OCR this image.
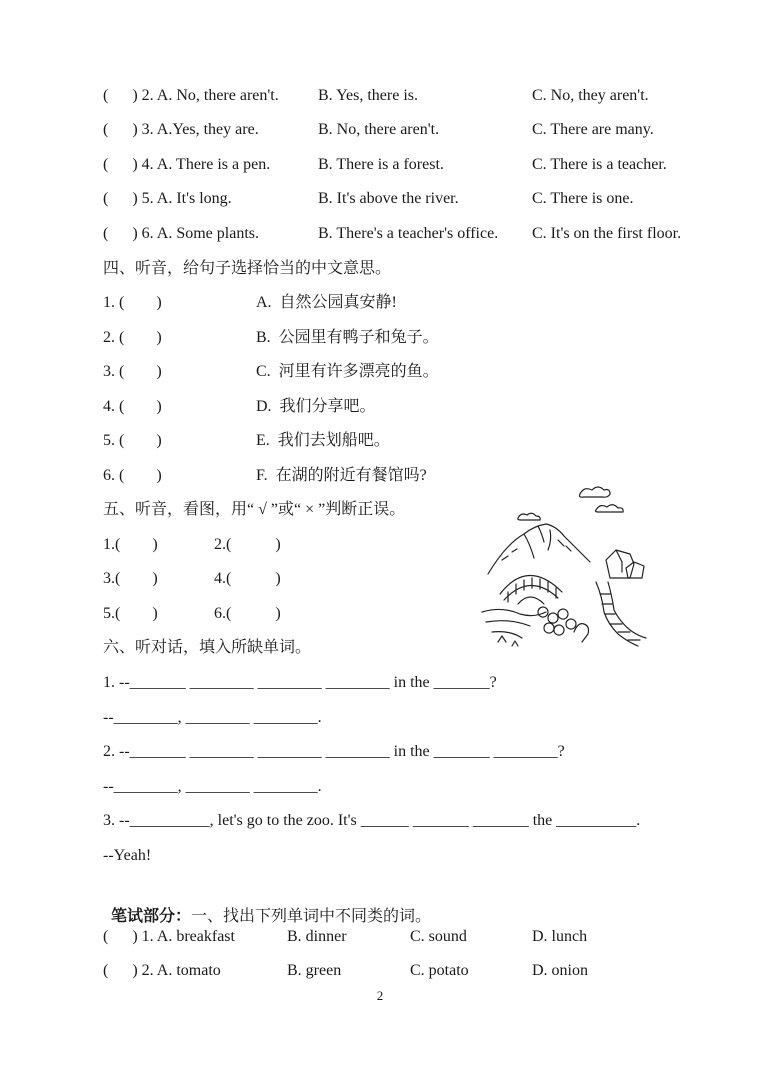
(      ) 2. A. No, there aren't. B. Yes, there is.	C. No, they aren't.
(      ) 3. A.Yes, they are.	B. No, there aren't.	C. There are many.
(      ) 4. A. There is a pen.	B. There is a forest.	C. There is a teacher.
(      ) 5. A. It's long.	B. It's above the river.	C. There is one.
(      ) 6. A. Some plants.	B. There's a teacher's office. C. It's on the first floor.
四、听音，给句子选择恰当的中文意思。
1. (        )	A.  自然公园真安静!
2. (        )	B.  公园里有鸭子和兔子。
3. (        )	C.  河里有许多漂亮的鱼。
4. (        )	D.  我们分享吧。
5. (        )	E.  我们去划船吧。
6. (        )	F.  在湖的附近有餐馆吗?
五、听音，看图，用“ √ ”或“ × ”判断正误。
1.(        )	2.(           )
3.(        )	4.(           )
5.(        )	6.(           )
六、听对话，填入所缺单词。
1. --_______ ________ ________ ________ in the _______?
--________, ________ ________.
2. --_______ ________ ________ ________ in the _______ ________?
--________, ________ ________.
3. --__________, let's go to the zoo. It's ______ _______ _______ the __________.
--Yeah!

笔试部分：一、找出下列单词中不同类的词。

(      ) 1. A. breakfast	B. dinner	C. sound	D. lunch
(      ) 2. A. tomato	B. green	C. potato	D. onion
2
